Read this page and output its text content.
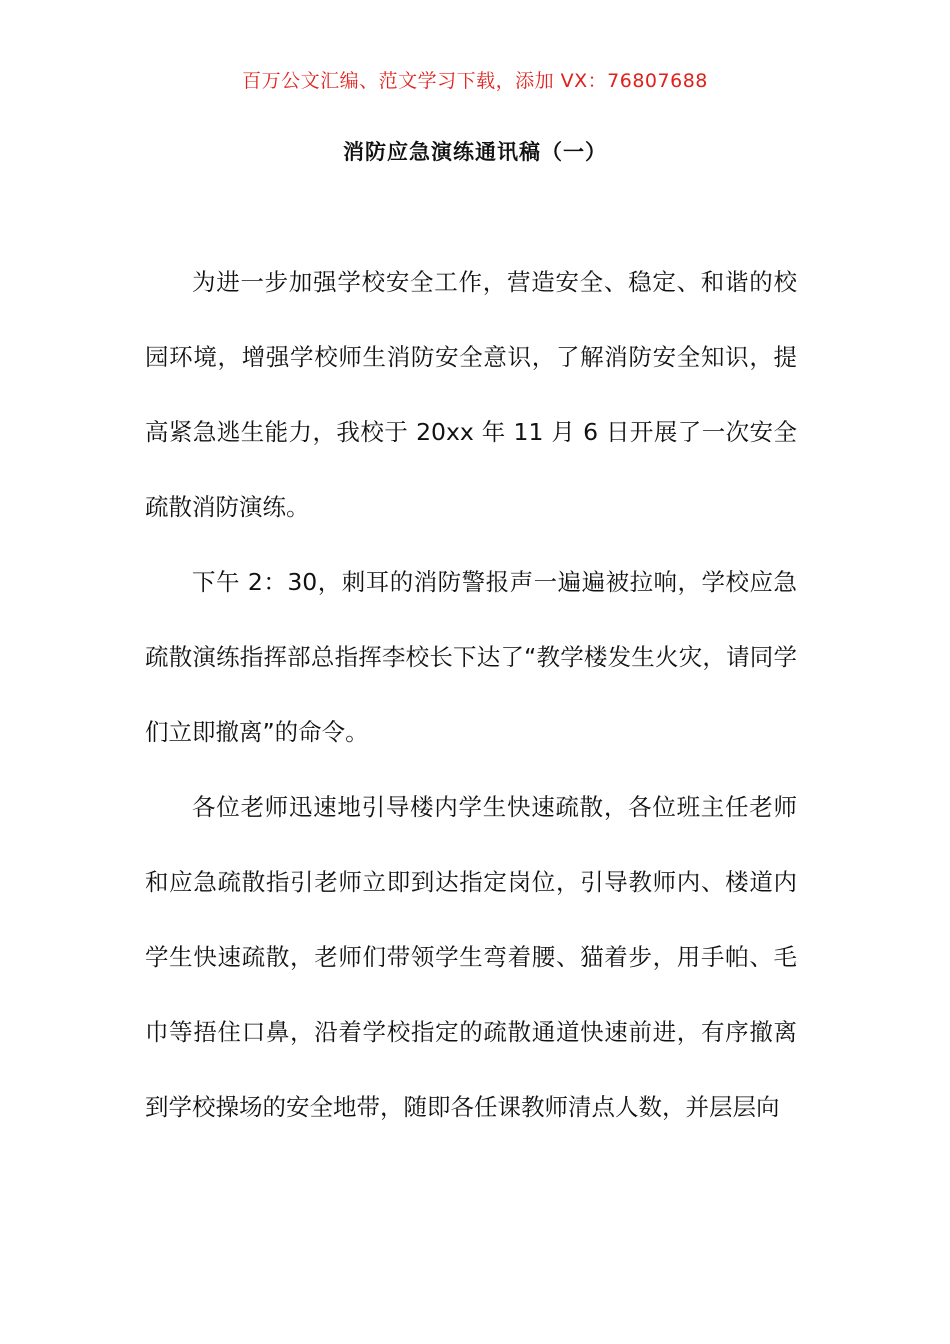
百万公文汇编、范文学习下载，添加 VX：76807688
消防应急演练通讯稿（一）

为进一步加强学校安全工作，营造安全、稳定、和谐的校园环境，增强学校师生消防安全意识，了解消防安全知识，提高紧急逃生能力，我校于 20xx 年 11 月 6 日开展了一次安全疏散消防演练。

下午 2：30，刺耳的消防警报声一遍遍被拉响，学校应急疏散演练指挥部总指挥李校长下达了“教学楼发生火灾，请同学们立即撤离”的命令。

各位老师迅速地引导楼内学生快速疏散，各位班主任老师和应急疏散指引老师立即到达指定岗位，引导教师内、楼道内学生快速疏散，老师们带领学生弯着腰、猫着步，用手帕、毛巾等捂住口鼻，沿着学校指定的疏散通道快速前进，有序撤离到学校操场的安全地带，随即各任课教师清点人数，并层层向
